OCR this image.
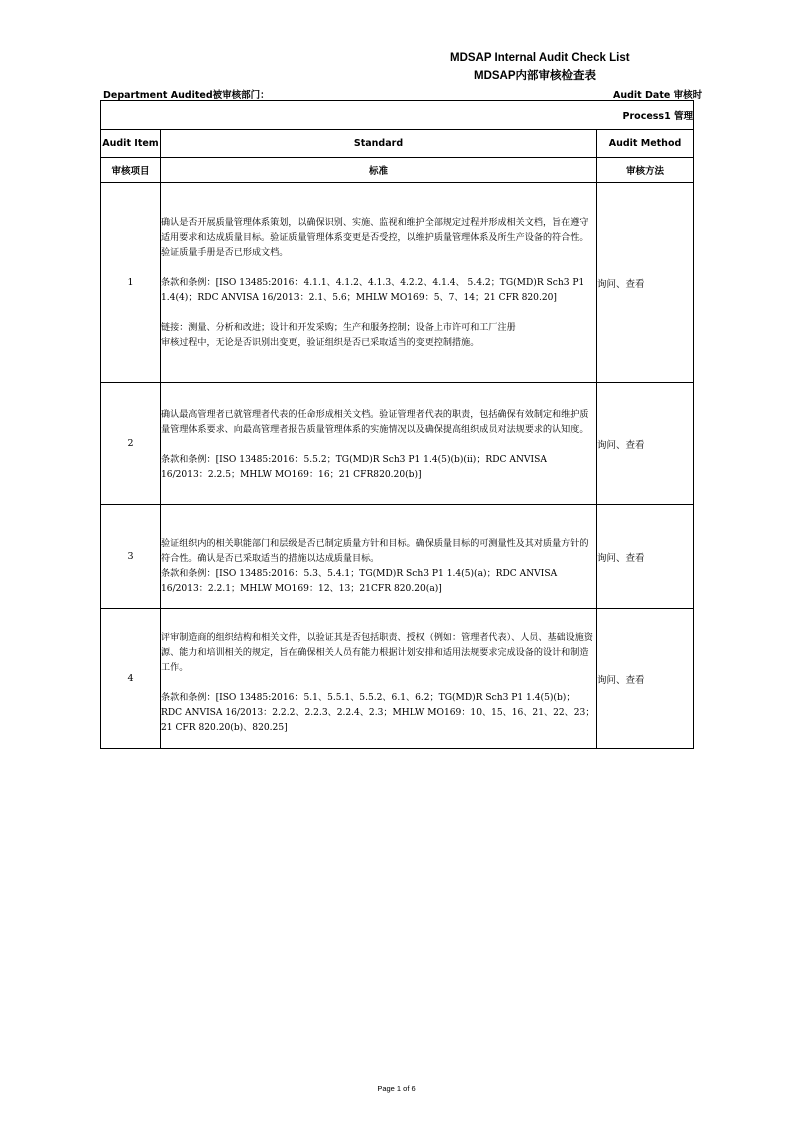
MDSAP Internal Audit Check List
MDSAP内部审核检查表
Department Audited被审核部门：	Audit Date 审核时
Process1 管理		
Audit Item	Standard	Audit Method
审核项目	标准	审核方法
1	确认是否开展质量管理体系策划，以确保识别、实施、监视和维护全部规定过程并形成相关文档，旨在遵守适用要求和达成质量目标。验证质量管理体系变更是否受控，以维护质量管理体系及所生产设备的符合性。验证质量手册是否已形成文档。

条款和条例：[ISO 13485:2016：4.1.1、4.1.2、4.1.3、4.2.2、4.1.4、 5.4.2；TG(MD)R Sch3 P1 1.4(4)；RDC ANVISA 16/2013：2.1、5.6；MHLW MO169：5、7、14；21 CFR 820.20]

链接：测量、分析和改进；设计和开发采购；生产和服务控制；设备上市许可和工厂注册

审核过程中，无论是否识别出变更，验证组织是否已采取适当的变更控制措施。	询问、查看
2	确认最高管理者已就管理者代表的任命形成相关文档。验证管理者代表的职责，包括确保有效制定和维护质量管理体系要求、向最高管理者报告质量管理体系的实施情况以及确保提高组织成员对法规要求的认知度。

条款和条例：[ISO 13485:2016：5.5.2；TG(MD)R Sch3 P1 1.4(5)(b)(ii)；RDC ANVISA 16/2013：2.2.5；MHLW MO169：16；21 CFR820.20(b)]	询问、查看
3	验证组织内的相关职能部门和层级是否已制定质量方针和目标。确保质量目标的可测量性及其对质量方针的符合性。确认是否已采取适当的措施以达成质量目标。

条款和条例：[ISO 13485:2016：5.3、5.4.1；TG(MD)R Sch3 P1 1.4(5)(a)；RDC ANVISA 16/2013：2.2.1；MHLW MO169：12、13；21CFR 820.20(a)]	询问、查看
4	评审制造商的组织结构和相关文件，以验证其是否包括职责、授权（例如：管理者代表）、人员、基础设施资源、能力和培训相关的规定，旨在确保相关人员有能力根据计划安排和适用法规要求完成设备的设计和制造工作。

条款和条例：[ISO 13485:2016：5.1、5.5.1、5.5.2、6.1、6.2；TG(MD)R Sch3 P1 1.4(5)(b)；RDC ANVISA 16/2013：2.2.2、2.2.3、2.2.4、2.3；MHLW MO169：10、15、16、21、22、23；21 CFR 820.20(b)、820.25]	询问、查看
Page 1 of 6
